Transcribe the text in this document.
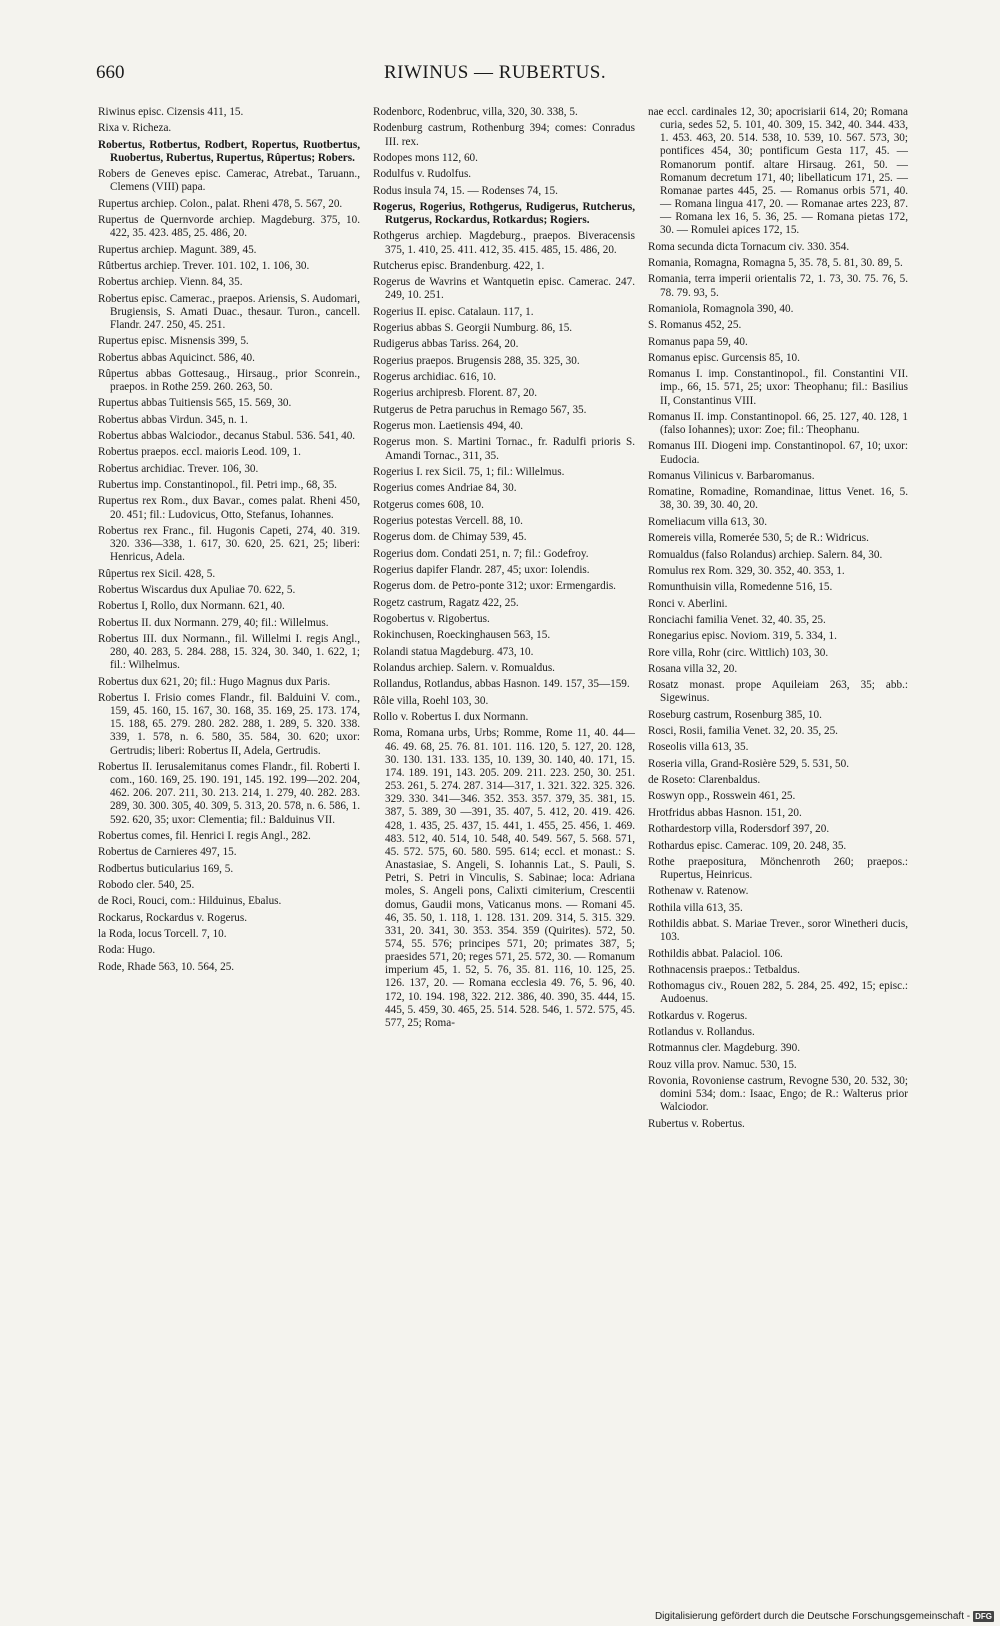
660	RIWINUS — RUBERTUS.

Riwinus episc. Cizensis 411, 15.

Rixa v. Richeza.

Robertus, Rotbertus, Rodbert, Ropertus, Ruotbertus, Ruobertus, Rubertus, Rupertus, Rûpertus; Robers.

Robers de Geneves episc. Camerac, Atrebat., Taruann., Clemens (VIII) papa.

Rupertus archiep. Colon., palat. Rheni 478, 5. 567, 20.

Rupertus de Quernvorde archiep. Magdeburg. 375, 10. 422, 35. 423. 485, 25. 486, 20.

Rupertus archiep. Magunt. 389, 45.

Rûtbertus archiep. Trever. 101. 102, 1. 106, 30.

Robertus archiep. Vienn. 84, 35.

Robertus episc. Camerac., praepos. Ariensis, S. Audomari, Brugiensis, S. Amati Duac., thesaur. Turon., cancell. Flandr. 247. 250, 45. 251.

Rupertus episc. Misnensis 399, 5.

Robertus abbas Aquicinct. 586, 40.

Rûpertus abbas Gottesaug., Hirsaug., prior Sconrein., praepos. in Rothe 259. 260. 263, 50.

Rupertus abbas Tuitiensis 565, 15. 569, 30.

Robertus abbas Virdun. 345, n. 1.

Robertus abbas Walciodor., decanus Stabul. 536. 541, 40.

Robertus praepos. eccl. maioris Leod. 109, 1.

Robertus archidiac. Trever. 106, 30.

Rubertus imp. Constantinopol., fil. Petri imp., 68, 35.

Rupertus rex Rom., dux Bavar., comes palat. Rheni 450, 20. 451; fil.: Ludovicus, Otto, Stefanus, Iohannes.

Robertus rex Franc., fil. Hugonis Capeti, 274, 40. 319. 320. 336—338, 1. 617, 30. 620, 25. 621, 25; liberi: Henricus, Adela.

Rûpertus rex Sicil. 428, 5.

Robertus Wiscardus dux Apuliae 70. 622, 5.

Robertus I, Rollo, dux Normann. 621, 40.

Robertus II. dux Normann. 279, 40; fil.: Willelmus.

Robertus III. dux Normann., fil. Willelmi I. regis Angl., 280, 40. 283, 5. 284. 288, 15. 324, 30. 340, 1. 622, 1; fil.: Wilhelmus.

Robertus dux 621, 20; fil.: Hugo Magnus dux Paris.

Robertus I. Frisio comes Flandr., fil. Balduini V. com., 159, 45. 160, 15. 167, 30. 168, 35. 169, 25. 173. 174, 15. 188, 65. 279. 280. 282. 288, 1. 289, 5. 320. 338. 339, 1. 578, n. 6. 580, 35. 584, 30. 620; uxor: Gertrudis; liberi: Robertus II, Adela, Gertrudis.

Robertus II. Ierusalemitanus comes Flandr., fil. Roberti I. com., 160. 169, 25. 190. 191, 145. 192. 199—202. 204, 462. 206. 207. 211, 30. 213. 214, 1. 279, 40. 282. 283. 289, 30. 300. 305, 40. 309, 5. 313, 20. 578, n. 6. 586, 1. 592. 620, 35; uxor: Clementia; fil.: Balduinus VII.

Robertus comes, fil. Henrici I. regis Angl., 282.

Robertus de Carnieres 497, 15.

Rodbertus buticularius 169, 5.

Robodo cler. 540, 25.

de Roci, Rouci, com.: Hilduinus, Ebalus.

Rockarus, Rockardus v. Rogerus.

la Roda, locus Torcell. 7, 10.

Roda: Hugo.

Rode, Rhade 563, 10. 564, 25.

Rodenborc, Rodenbruc, villa, 320, 30. 338, 5.

Rodenburg castrum, Rothenburg 394; comes: Conradus III. rex.

Rodopes mons 112, 60.

Rodulfus v. Rudolfus.

Rodus insula 74, 15. — Rodenses 74, 15.

Rogerus, Rogerius, Rothgerus, Rudigerus, Rutcherus, Rutgerus, Rockardus, Rotkardus; Rogiers.

Rothgerus archiep. Magdeburg., praepos. Biveracensis 375, 1. 410, 25. 411. 412, 35. 415. 485, 15. 486, 20.

Rutcherus episc. Brandenburg. 422, 1.

Rogerus de Wavrins et Wantquetin episc. Camerac. 247. 249, 10. 251.

Rogerius II. episc. Catalaun. 117, 1.

Rogerius abbas S. Georgii Numburg. 86, 15.

Rudigerus abbas Tariss. 264, 20.

Rogerius praepos. Brugensis 288, 35. 325, 30.

Rogerus archidiac. 616, 10.

Rogerius archipresb. Florent. 87, 20.

Rutgerus de Petra paruchus in Remago 567, 35.

Rogerus mon. Laetiensis 494, 40.

Rogerus mon. S. Martini Tornac., fr. Radulfi prioris S. Amandi Tornac., 311, 35.

Rogerius I. rex Sicil. 75, 1; fil.: Willelmus.

Rogerius comes Andriae 84, 30.

Rotgerus comes 608, 10.

Rogerius potestas Vercell. 88, 10.

Rogerus dom. de Chimay 539, 45.

Rogerius dom. Condati 251, n. 7; fil.: Godefroy.

Rogerius dapifer Flandr. 287, 45; uxor: Iolendis.

Rogerus dom. de Petro-ponte 312; uxor: Ermengardis.

Rogetz castrum, Ragatz 422, 25.

Rogobertus v. Rigobertus.

Rokinchusen, Roeckinghausen 563, 15.

Rolandi statua Magdeburg. 473, 10.

Rolandus archiep. Salern. v. Romualdus.

Rollandus, Rotlandus, abbas Hasnon. 149. 157, 35—159.

Rôle villa, Roehl 103, 30.

Rollo v. Robertus I. dux Normann.

Roma, Romana urbs, Urbs; Romme, Rome 11, 40. 44—46. 49. 68, 25. 76. 81. 101. 116. 120, 5. 127, 20. 128, 30. 130. 131. 133. 135, 10. 139, 30. 140, 40. 171, 15. 174. 189. 191, 143. 205. 209. 211. 223. 250, 30. 251. 253. 261, 5. 274. 287. 314—317, 1. 321. 322. 325. 326. 329. 330. 341—346. 352. 353. 357. 379, 35. 381, 15. 387, 5. 389, 30 —391, 35. 407, 5. 412, 20. 419. 426. 428, 1. 435, 25. 437, 15. 441, 1. 455, 25. 456, 1. 469. 483. 512, 40. 514, 10. 548, 40. 549. 567, 5. 568. 571, 45. 572. 575, 60. 580. 595. 614; eccl. et monast.: S. Anastasiae, S. Angeli, S. Iohannis Lat., S. Pauli, S. Petri, S. Petri in Vinculis, S. Sabinae; loca: Adriana moles, S. Angeli pons, Calixti cimiterium, Crescentii domus, Gaudii mons, Vaticanus mons. — Romani 45. 46, 35. 50, 1. 118, 1. 128. 131. 209. 314, 5. 315. 329. 331, 20. 341, 30. 353. 354. 359 (Quirites). 572, 50. 574, 55. 576; principes 571, 20; primates 387, 5; praesides 571, 20; reges 571, 25. 572, 30. — Romanum imperium 45, 1. 52, 5. 76, 35. 81. 116, 10. 125, 25. 126. 137, 20. — Romana ecclesia 49. 76, 5. 96, 40. 172, 10. 194. 198, 322. 212. 386, 40. 390, 35. 444, 15. 445, 5. 459, 30. 465, 25. 514. 528. 546, 1. 572. 575, 45. 577, 25; Roma-

nae eccl. cardinales 12, 30; apocrisiarii 614, 20; Romana curia, sedes 52, 5. 101, 40. 309, 15. 342, 40. 344. 433, 1. 453. 463, 20. 514. 538, 10. 539, 10. 567. 573, 30; pontifices 454, 30; pontificum Gesta 117, 45. — Romanorum pontif. altare Hirsaug. 261, 50. — Romanum decretum 171, 40; libellaticum 171, 25. — Romanae partes 445, 25. — Romanus orbis 571, 40. — Romana lingua 417, 20. — Romanae artes 223, 87. — Romana lex 16, 5. 36, 25. — Romana pietas 172, 30. — Romulei apices 172, 15.

Roma secunda dicta Tornacum civ. 330. 354.

Romania, Romagna, Romagna 5, 35. 78, 5. 81, 30. 89, 5.

Romania, terra imperii orientalis 72, 1. 73, 30. 75. 76, 5. 78. 79. 93, 5.

Romaniola, Romagnola 390, 40.

S. Romanus 452, 25.

Romanus papa 59, 40.

Romanus episc. Gurcensis 85, 10.

Romanus I. imp. Constantinopol., fil. Constantini VII. imp., 66, 15. 571, 25; uxor: Theophanu; fil.: Basilius II, Constantinus VIII.

Romanus II. imp. Constantinopol. 66, 25. 127, 40. 128, 1 (falso Iohannes); uxor: Zoe; fil.: Theophanu.

Romanus III. Diogeni imp. Constantinopol. 67, 10; uxor: Eudocia.

Romanus Vilinicus v. Barbaromanus.

Romatine, Romadine, Romandinae, littus Venet. 16, 5. 38, 30. 39, 30. 40, 20.

Romeliacum villa 613, 30.

Romereis villa, Romerée 530, 5; de R.: Widricus.

Romualdus (falso Rolandus) archiep. Salern. 84, 30.

Romulus rex Rom. 329, 30. 352, 40. 353, 1.

Romunthuisin villa, Romedenne 516, 15.

Ronci v. Aberlini.

Ronciachi familia Venet. 32, 40. 35, 25.

Ronegarius episc. Noviom. 319, 5. 334, 1.

Rore villa, Rohr (circ. Wittlich) 103, 30.

Rosana villa 32, 20.

Rosatz monast. prope Aquileiam 263, 35; abb.: Sigewinus.

Roseburg castrum, Rosenburg 385, 10.

Rosci, Rosii, familia Venet. 32, 20. 35, 25.

Roseolis villa 613, 35.

Roseria villa, Grand-Rosière 529, 5. 531, 50.

de Roseto: Clarenbaldus.

Roswyn opp., Rosswein 461, 25.

Hrotfridus abbas Hasnon. 151, 20.

Rothardestorp villa, Rodersdorf 397, 20.

Rothardus episc. Camerac. 109, 20. 248, 35.

Rothe praepositura, Mönchenroth 260; praepos.: Rupertus, Heinricus.

Rothenaw v. Ratenow.

Rothila villa 613, 35.

Rothildis abbat. S. Mariae Trever., soror Winetheri ducis, 103.

Rothildis abbat. Palaciol. 106.

Rothnacensis praepos.: Tetbaldus.

Rothomagus civ., Rouen 282, 5. 284, 25. 492, 15; episc.: Audoenus.

Rotkardus v. Rogerus.

Rotlandus v. Rollandus.

Rotmannus cler. Magdeburg. 390.

Rouz villa prov. Namuc. 530, 15.

Rovonia, Rovoniense castrum, Revogne 530, 20. 532, 30; domini 534; dom.: Isaac, Engo; de R.: Walterus prior Walciodor.

Rubertus v. Robertus.

Digitalisierung gefördert durch die Deutsche Forschungsgemeinschaft - DFG
